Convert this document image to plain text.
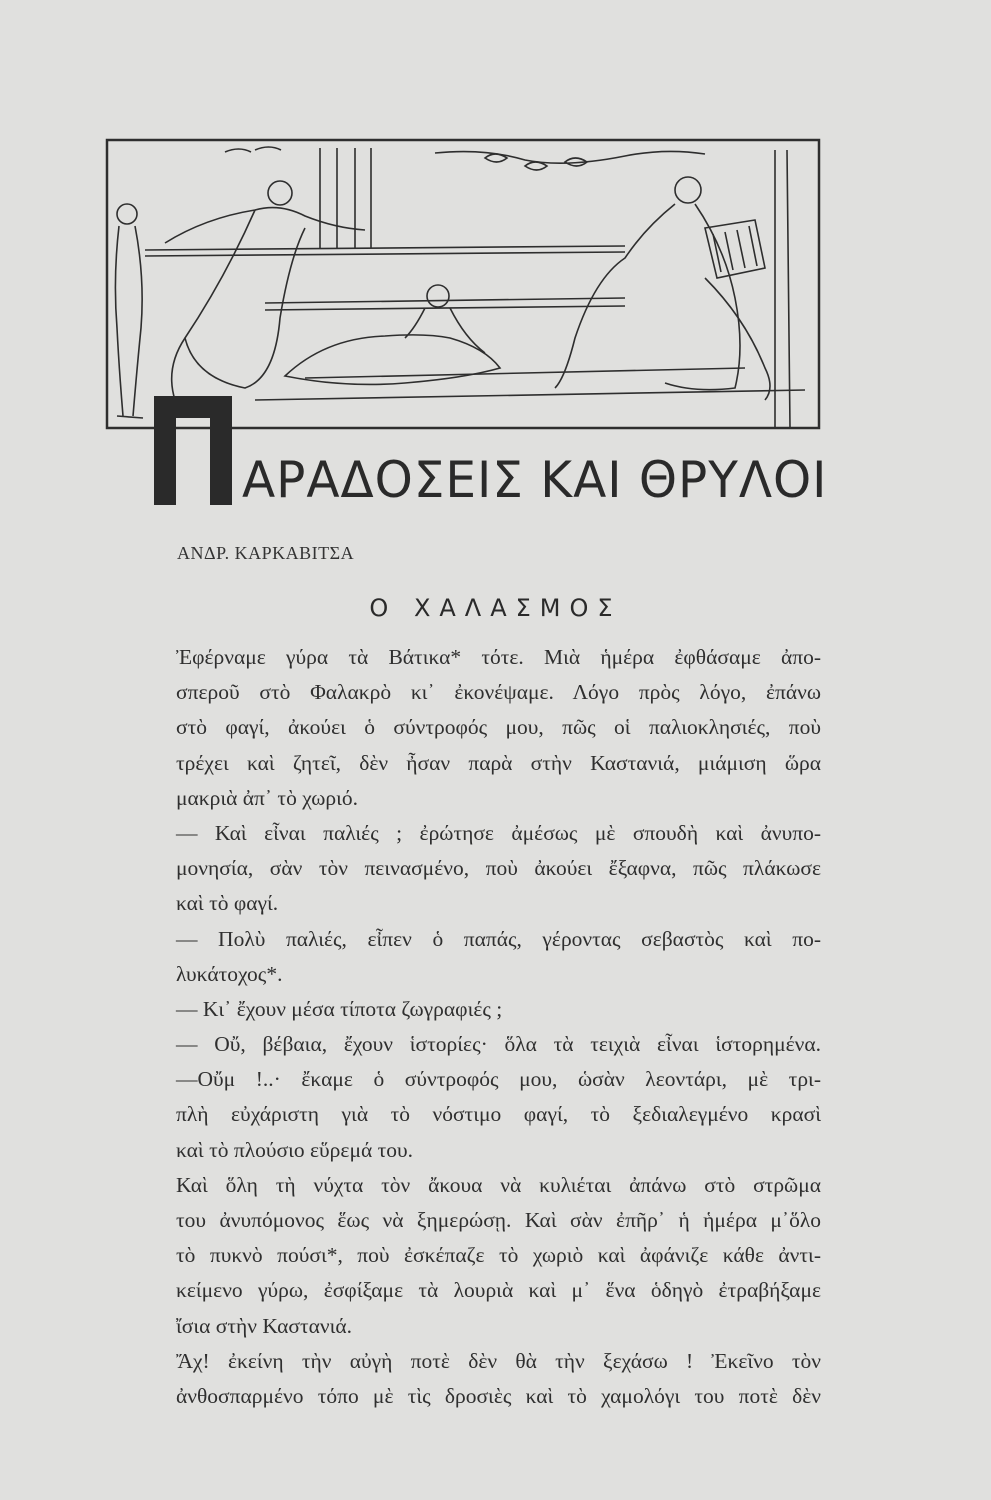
ΑΡΑΔΟΣΕΙΣ ΚΑΙ ΘΡΥΛΟΙ
ΑΝΔΡ. ΚΑΡΚΑΒΙΤΣΑ
Ο ΧΑΛΑΣΜΟΣ
Ἐφέρναμε γύρα τὰ Βάτικα* τότε. Μιὰ ἡμέρα ἐφθάσαμε ἀπο-
σπεροῦ στὸ Φαλακρὸ κι᾽ ἐκονέψαμε. Λόγο πρὸς λόγο, ἐπάνω
στὸ φαγί, ἀκούει ὁ σύντροφός μου, πῶς οἱ παλιοκλησιές, ποὺ
τρέχει καὶ ζητεῖ, δὲν ἦσαν παρὰ στὴν Καστανιά, μιάμιση ὥρα
μακριὰ ἀπ᾽ τὸ χωριό.
— Καὶ εἶναι παλιές ; ἐρώτησε ἀμέσως μὲ σπουδὴ καὶ ἀνυπο-
μονησία, σὰν τὸν πεινασμένο, ποὺ ἀκούει ἔξαφνα, πῶς πλάκωσε
καὶ τὸ φαγί.
— Πολὺ παλιές, εἶπεν ὁ παπάς, γέροντας σεβαστὸς καὶ πο-
λυκάτοχος*.
— Κι᾽ ἔχουν μέσα τίποτα ζωγραφιές ;
— Οὔ, βέβαια, ἔχουν ἱστορίες· ὅλα τὰ τειχιὰ εἶναι ἱστορημένα.
—Οὔμ !..· ἔκαμε ὁ σύντροφός μου, ὡσὰν λεοντάρι, μὲ τρι-
πλὴ εὐχάριστη γιὰ τὸ νόστιμο φαγί, τὸ ξεδιαλεγμένο κρασὶ
καὶ τὸ πλούσιο εὕρεμά του.
Καὶ ὅλη τὴ νύχτα τὸν ἄκουα νὰ κυλιέται ἀπάνω στὸ στρῶμα
του ἀνυπόμονος ἕως νὰ ξημερώσῃ. Καὶ σὰν ἐπῆρ᾽ ἡ ἡμέρα μ᾽ὅλο
τὸ πυκνὸ πούσι*, ποὺ ἐσκέπαζε τὸ χωριὸ καὶ ἀφάνιζε κάθε ἀντι-
κείμενο γύρω, ἐσφίξαμε τὰ λουριὰ καὶ μ᾽ ἕνα ὁδηγὸ ἐτραβήξαμε
ἴσια στὴν Καστανιά.
Ἄχ! ἐκείνη τὴν αὐγὴ ποτὲ δὲν θὰ τὴν ξεχάσω ! Ἐκεῖνο τὸν
ἀνθοσπαρμένο τόπο μὲ τὶς δροσιὲς καὶ τὸ χαμολόγι του ποτὲ δὲν
